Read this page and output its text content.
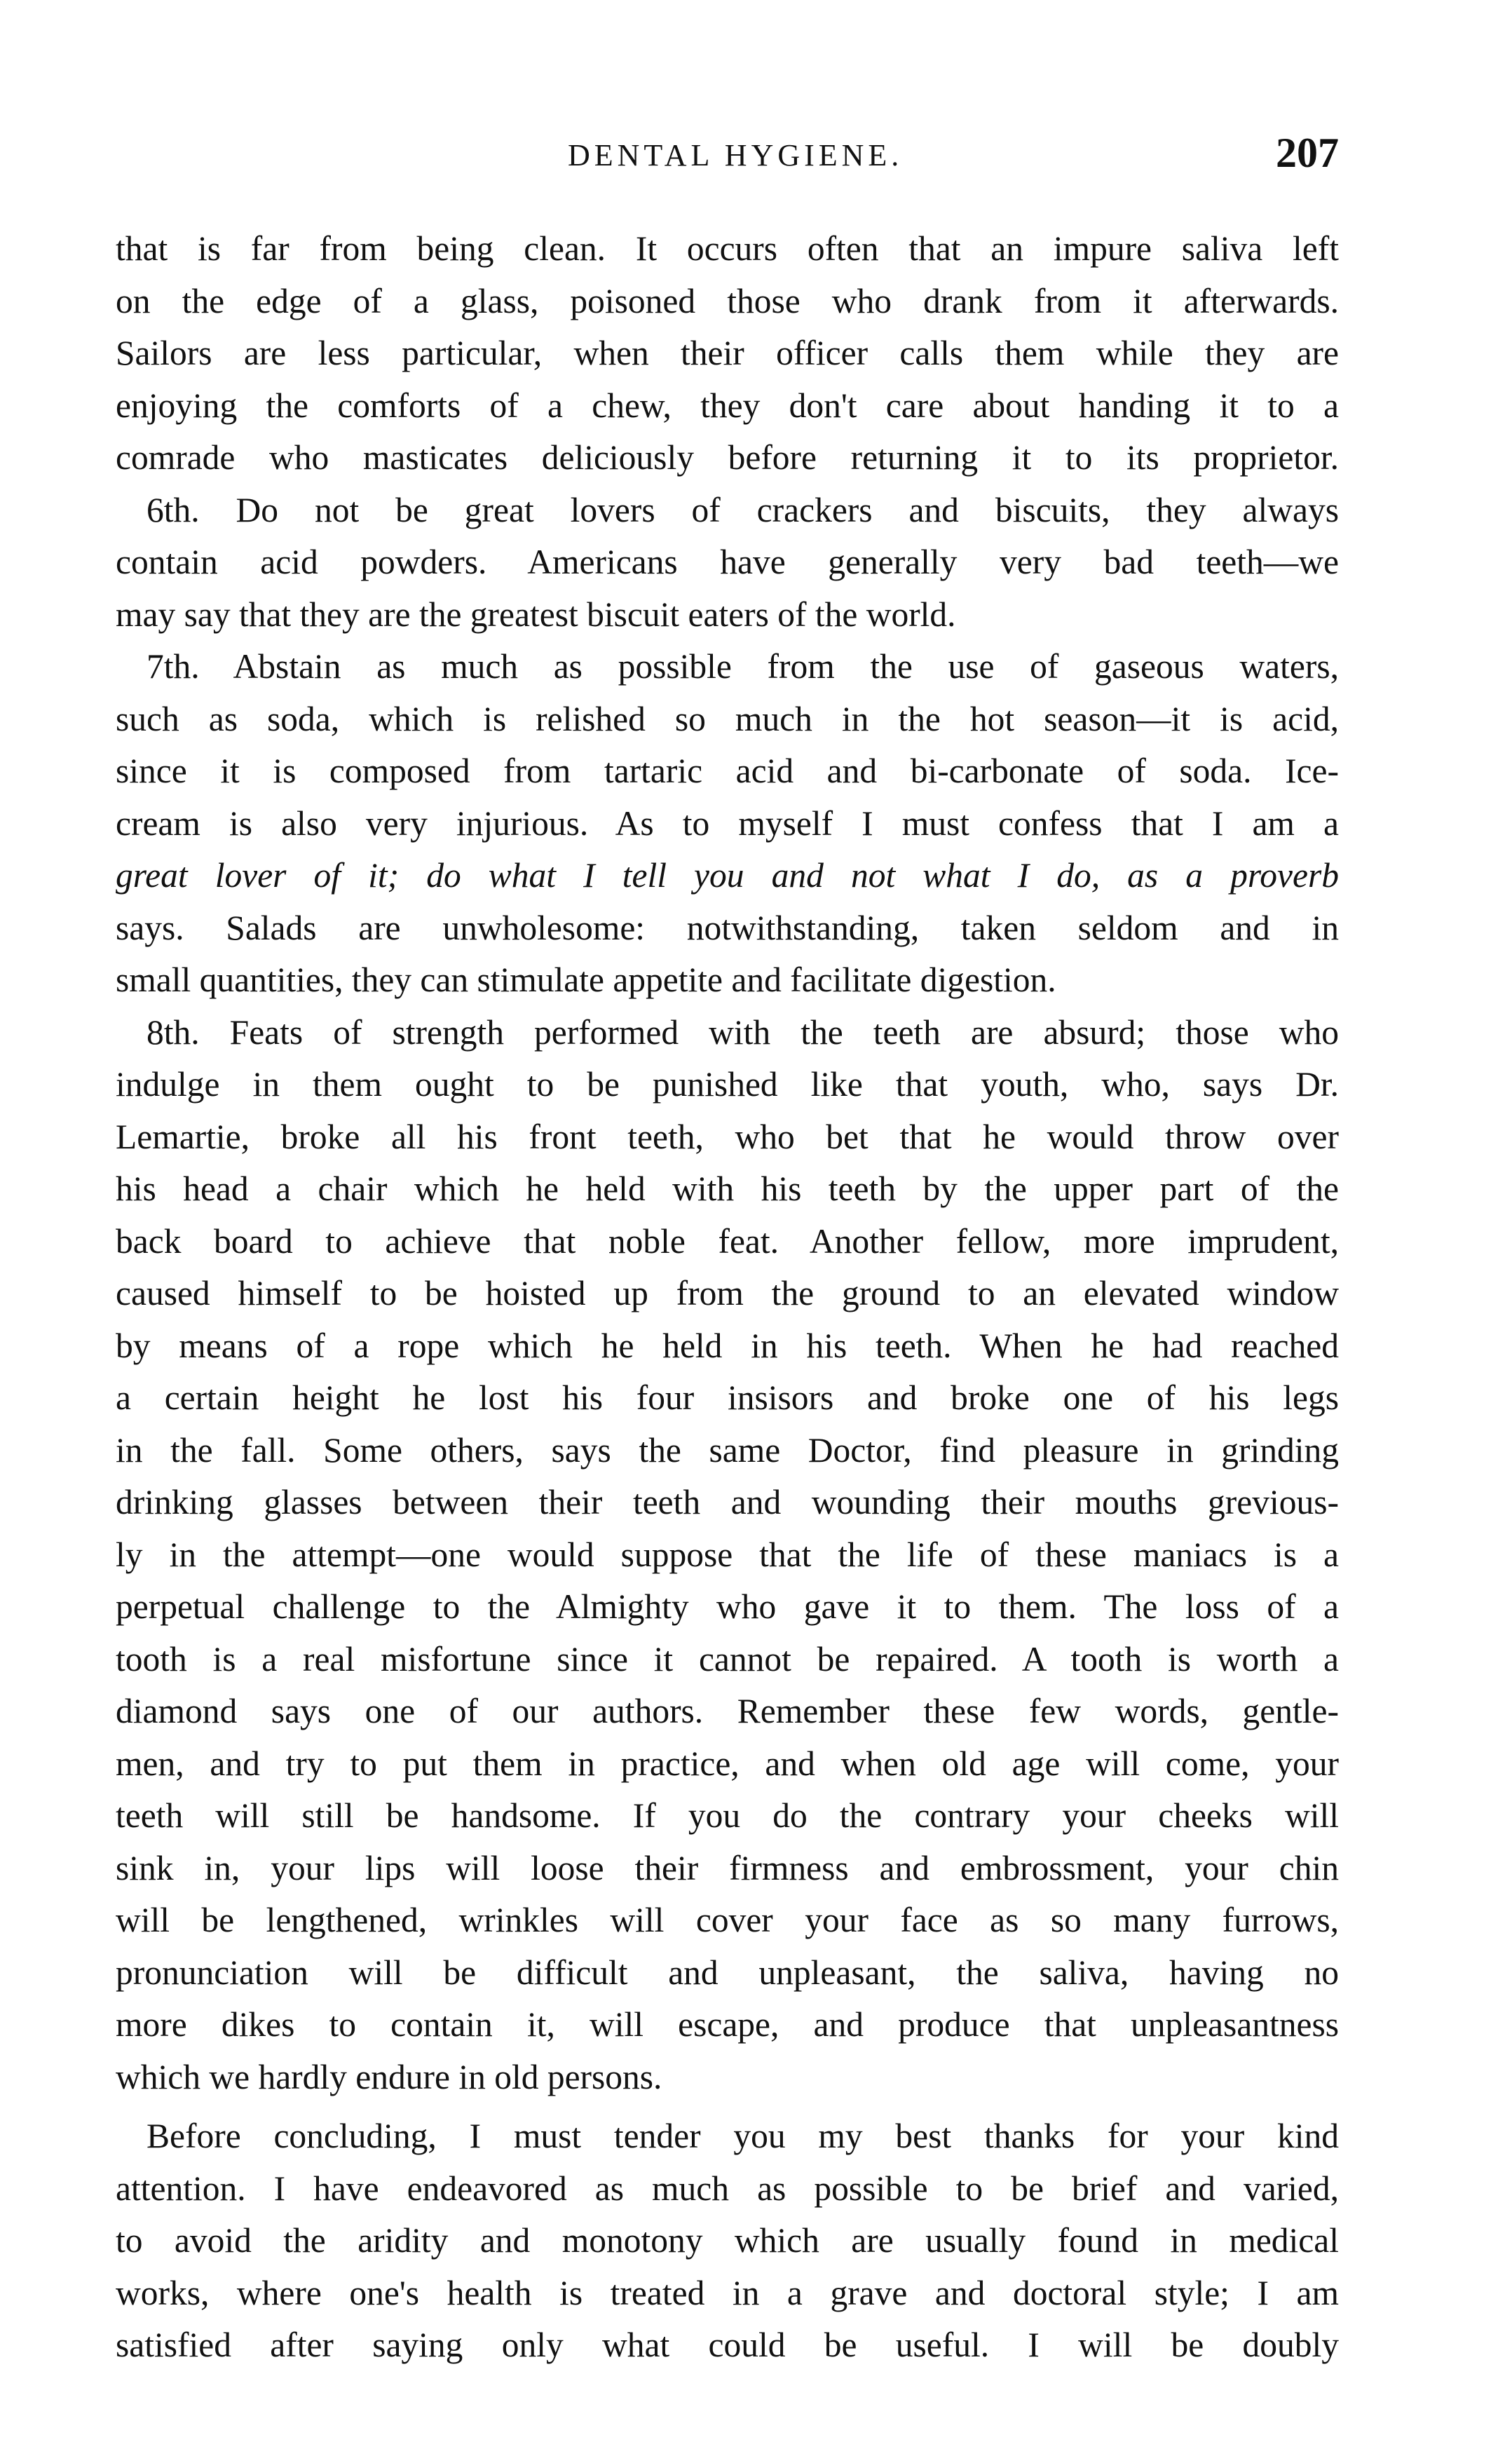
DENTAL HYGIENE.	207
that is far from being clean. It occurs often that an impure saliva left
on the edge of a glass, poisoned those who drank from it afterwards.
Sailors are less particular, when their officer calls them while they are
enjoying the comforts of a chew, they don't care about handing it to a
comrade who masticates deliciously before returning it to its proprietor.
6th. Do not be great lovers of crackers and biscuits, they always
contain acid powders. Americans have generally very bad teeth—we
may say that they are the greatest biscuit eaters of the world.
7th. Abstain as much as possible from the use of gaseous waters,
such as soda, which is relished so much in the hot season—it is acid,
since it is composed from tartaric acid and bi-carbonate of soda. Ice-
cream is also very injurious. As to myself I must confess that I am a
great lover of it; do what I tell you and not what I do, as a proverb
says. Salads are unwholesome: notwithstanding, taken seldom and in
small quantities, they can stimulate appetite and facilitate digestion.
8th. Feats of strength performed with the teeth are absurd; those who
indulge in them ought to be punished like that youth, who, says Dr.
Lemartie, broke all his front teeth, who bet that he would throw over
his head a chair which he held with his teeth by the upper part of the
back board to achieve that noble feat. Another fellow, more imprudent,
caused himself to be hoisted up from the ground to an elevated window
by means of a rope which he held in his teeth. When he had reached
a certain height he lost his four insisors and broke one of his legs
in the fall. Some others, says the same Doctor, find pleasure in grinding
drinking glasses between their teeth and wounding their mouths grevious-
ly in the attempt—one would suppose that the life of these maniacs is a
perpetual challenge to the Almighty who gave it to them. The loss of a
tooth is a real misfortune since it cannot be repaired. A tooth is worth a
diamond says one of our authors. Remember these few words, gentle-
men, and try to put them in practice, and when old age will come, your
teeth will still be handsome. If you do the contrary your cheeks will
sink in, your lips will loose their firmness and embrossment, your chin
will be lengthened, wrinkles will cover your face as so many furrows,
pronunciation will be difficult and unpleasant, the saliva, having no
more dikes to contain it, will escape, and produce that unpleasantness
which we hardly endure in old persons.
Before concluding, I must tender you my best thanks for your kind
attention. I have endeavored as much as possible to be brief and varied,
to avoid the aridity and monotony which are usually found in medical
works, where one's health is treated in a grave and doctoral style; I am
satisfied after saying only what could be useful. I will be doubly
